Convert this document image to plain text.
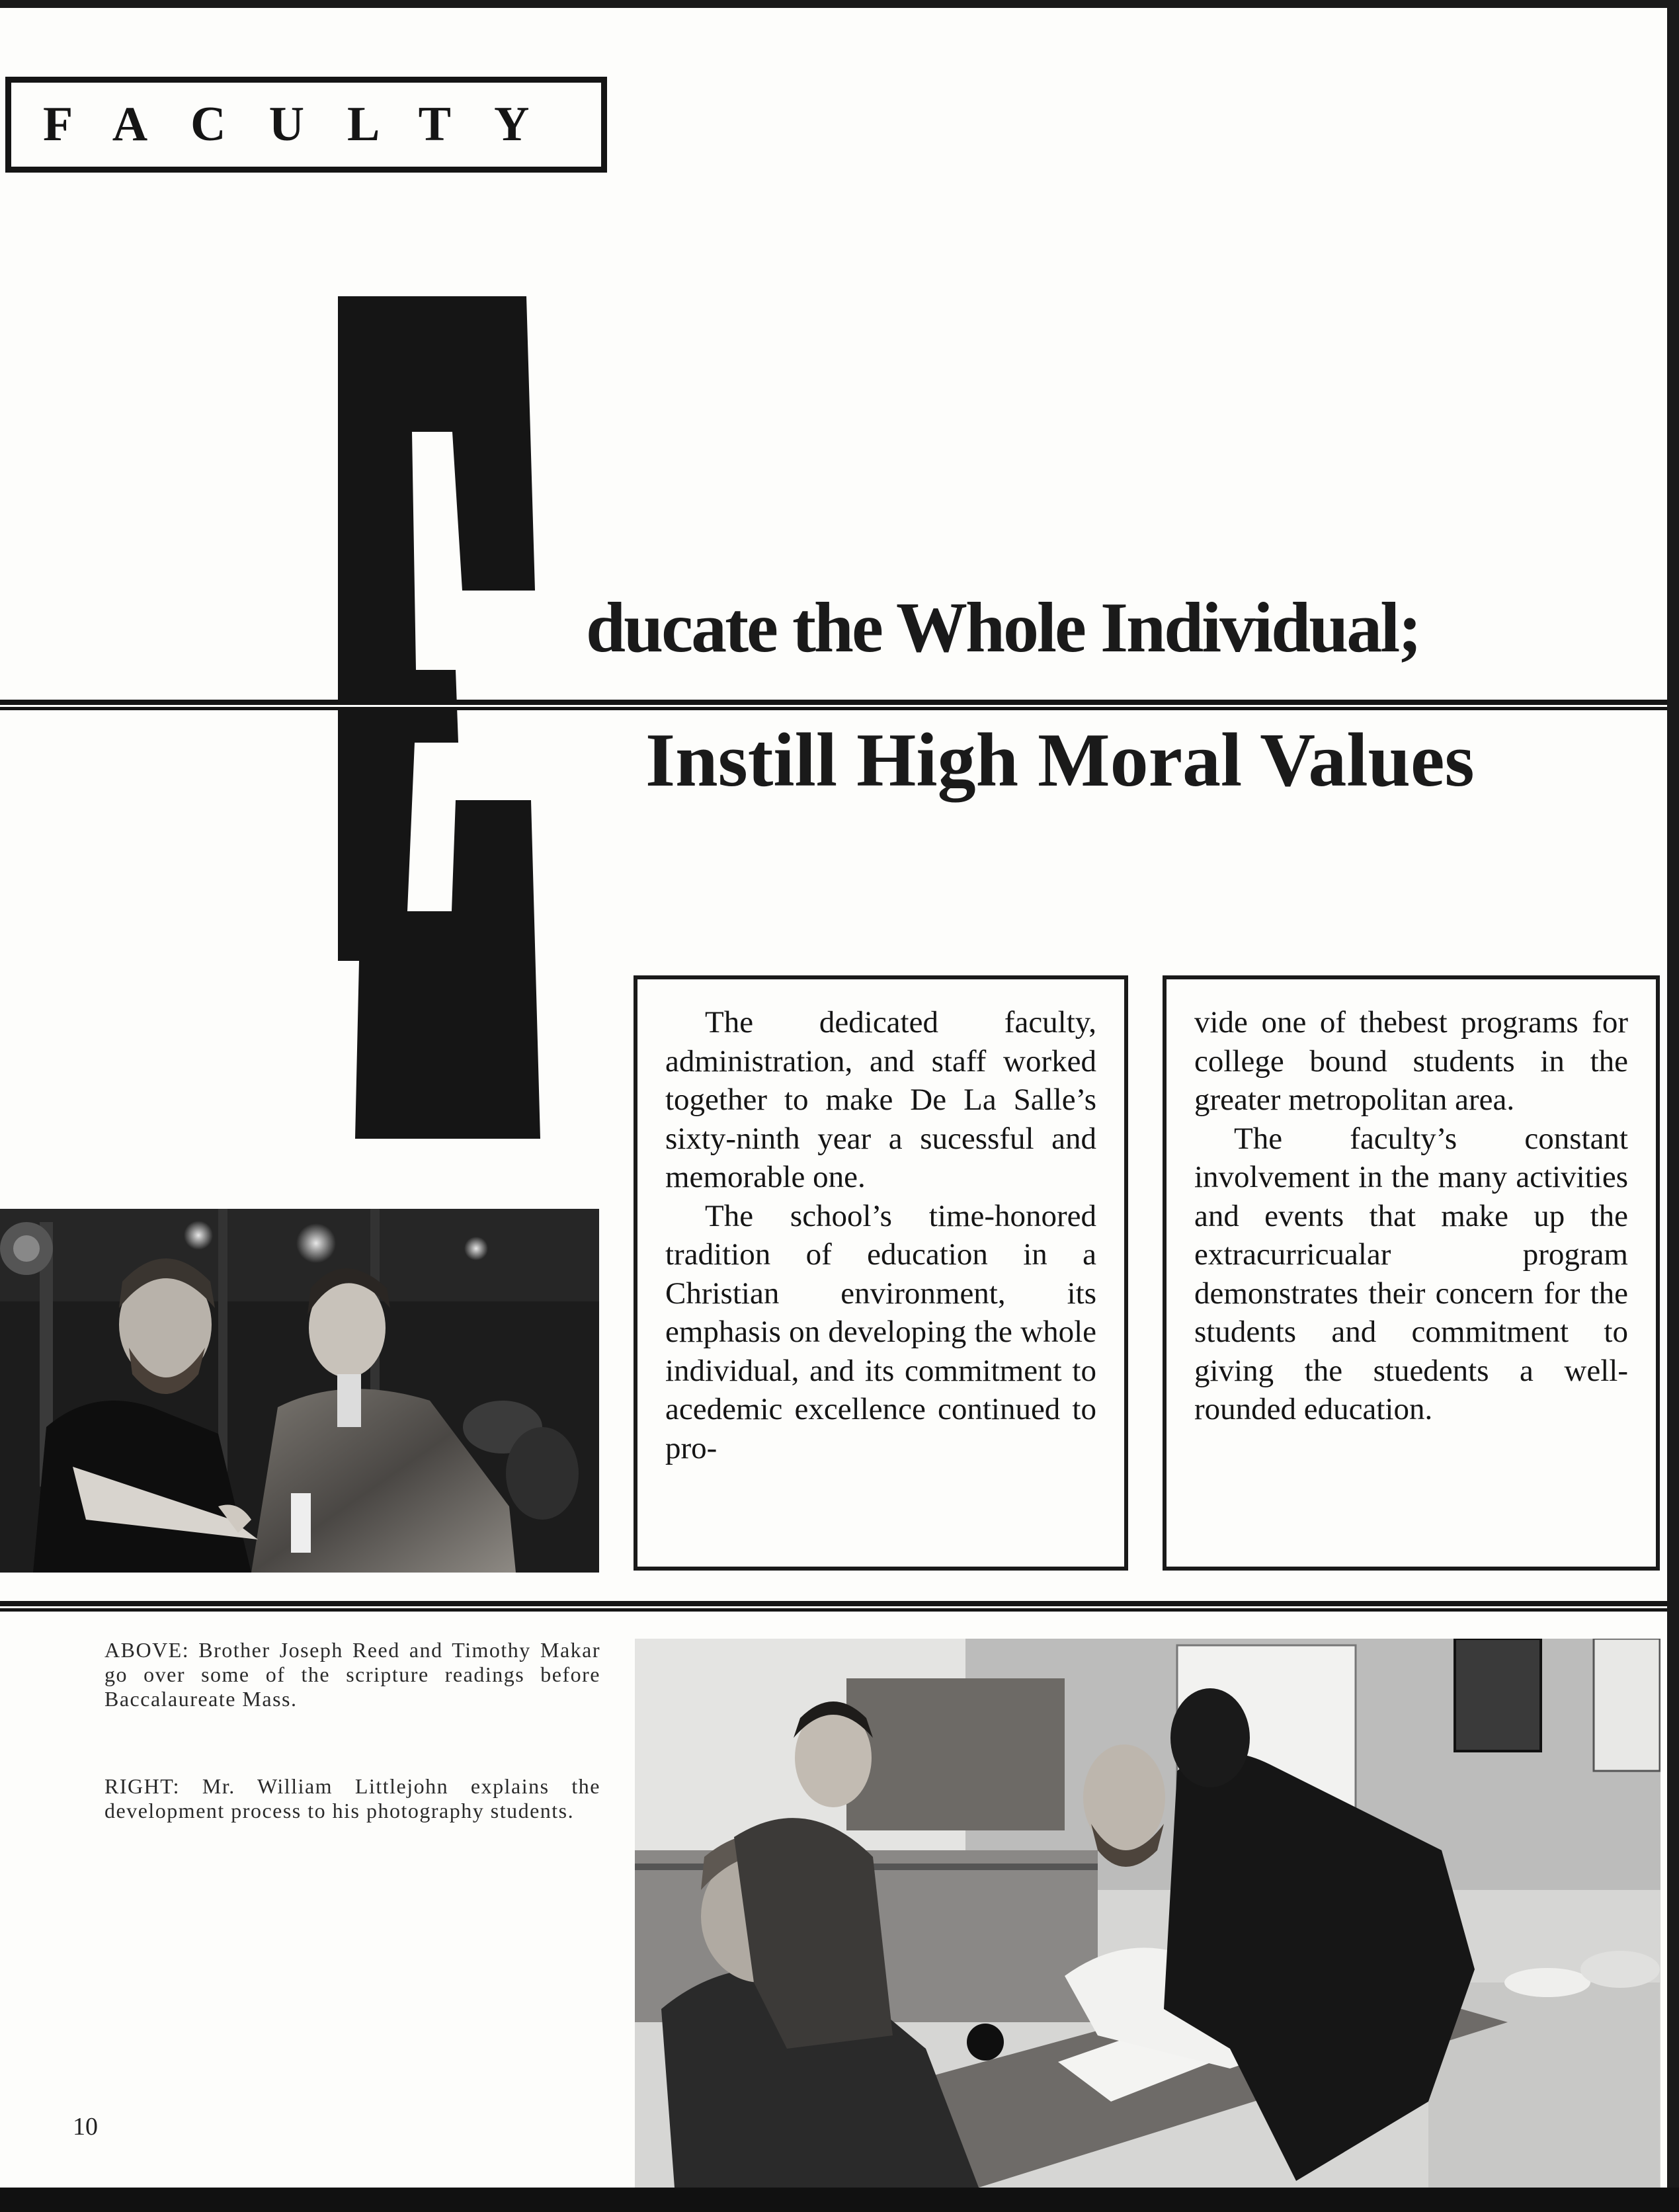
FACULTY
ducate the Whole Individual;
Instill High Moral Values

The dedicated faculty, administration, and staff worked together to make De La Salle’s sixty-ninth year a sucessful and memorable one.

The school’s time-honored tradition of education in a Christian environment, its emphasis on developing the whole individual, and its commitment to acedemic excellence continued to pro-

vide one of thebest programs for college bound students in the greater metropolitan area.

The faculty’s constant involvement in the many activities and events that make up the extracurricualar program demonstrates their concern for the students and commitment to giving the stuedents a well-rounded education.

ABOVE: Brother Joseph Reed and Timothy Makar go over some of the scripture readings before Baccalaureate Mass.

RIGHT: Mr. William Littlejohn explains the development process to his photography students.

10
